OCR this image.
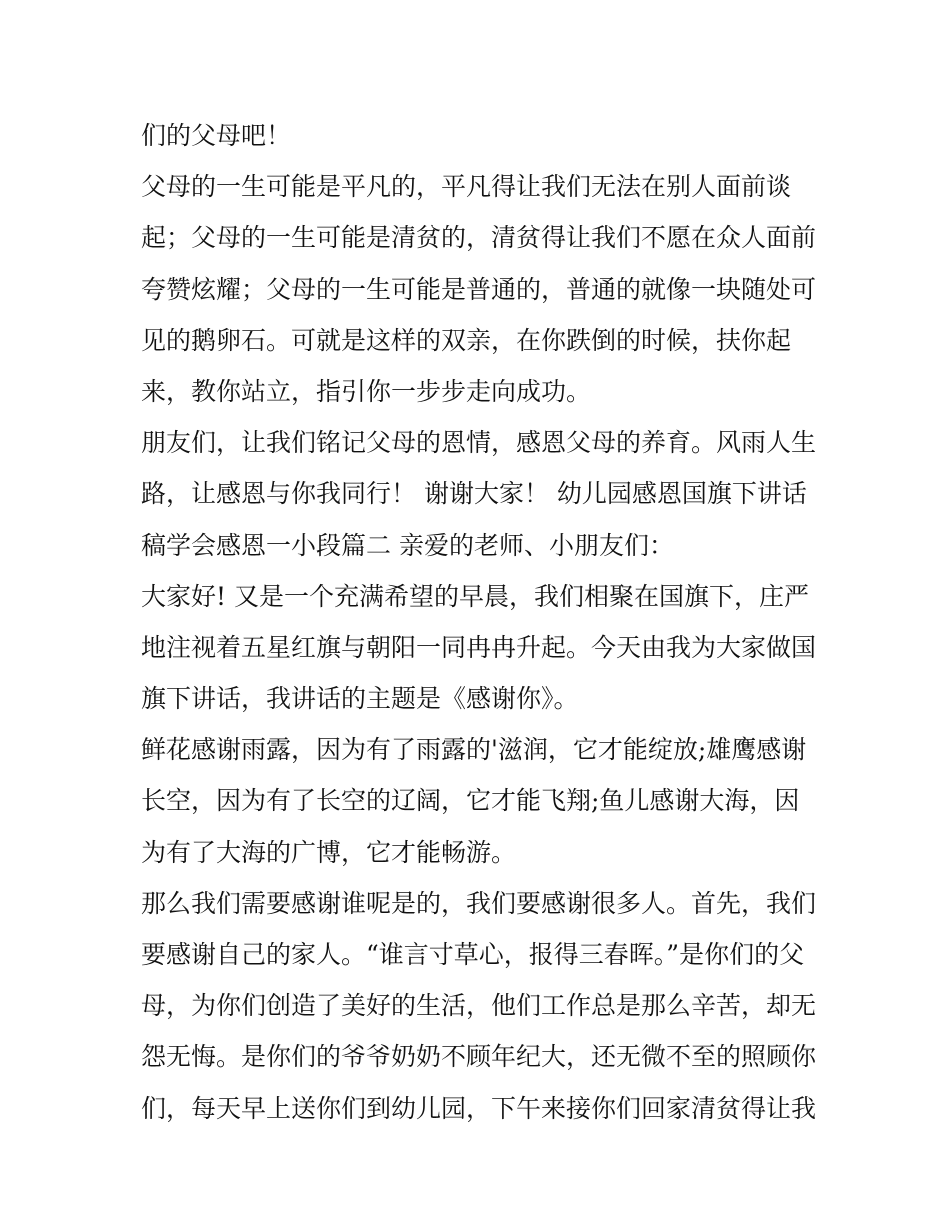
们的父母吧！
父母的一生可能是平凡的，平凡得让我们无法在别人面前谈
起；父母的一生可能是清贫的，清贫得让我们不愿在众人面前
夸赞炫耀；父母的一生可能是普通的，普通的就像一块随处可
见的鹅卵石。可就是这样的双亲，在你跌倒的时候，扶你起
来，教你站立，指引你一步步走向成功。
朋友们，让我们铭记父母的恩情，感恩父母的养育。风雨人生
路，让感恩与你我同行！ 谢谢大家！ 幼儿园感恩国旗下讲话
稿学会感恩一小段篇二 亲爱的老师、小朋友们：
大家好! 又是一个充满希望的早晨，我们相聚在国旗下，庄严
地注视着五星红旗与朝阳一同冉冉升起。今天由我为大家做国
旗下讲话，我讲话的主题是《感谢你》。
鲜花感谢雨露，因为有了雨露的'滋润，它才能绽放;雄鹰感谢
长空，因为有了长空的辽阔，它才能飞翔;鱼儿感谢大海，因
为有了大海的广博，它才能畅游。
那么我们需要感谢谁呢是的，我们要感谢很多人。首先，我们
要感谢自己的家人。“谁言寸草心，报得三春晖。”是你们的父
母，为你们创造了美好的生活，他们工作总是那么辛苦，却无
怨无悔。是你们的爷爷奶奶不顾年纪大，还无微不至的照顾你
们，每天早上送你们到幼儿园，下午来接你们回家清贫得让我
